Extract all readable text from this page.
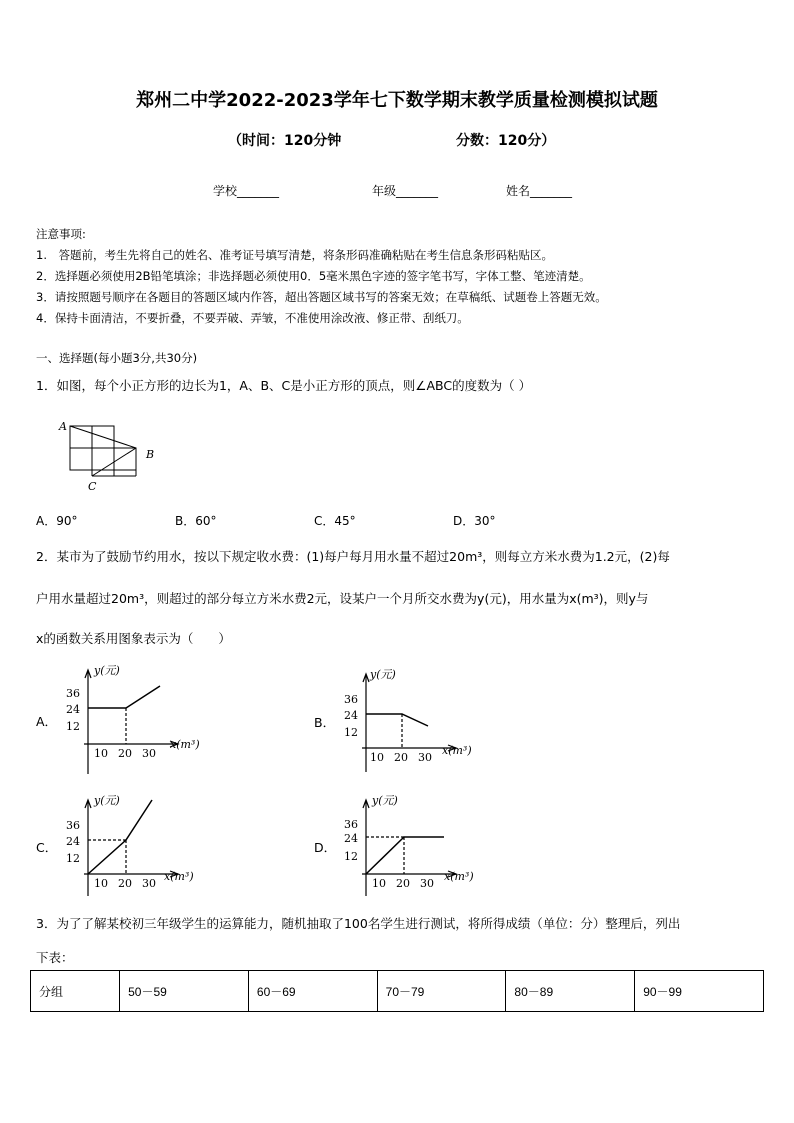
郑州二中学2022-2023学年七下数学期末教学质量检测模拟试题
（时间：120分钟	分数：120分）
学校_______	年级_______	姓名_______
注意事项:
1.　答题前，考生先将自己的姓名、准考证号填写清楚，将条形码准确粘贴在考生信息条形码粘贴区。
2．选择题必须使用2B铅笔填涂；非选择题必须使用0．5毫米黑色字迹的签字笔书写，字体工整、笔迹清楚。
3．请按照题号顺序在各题目的答题区域内作答，超出答题区域书写的答案无效；在草稿纸、试题卷上答题无效。
4．保持卡面清洁，不要折叠，不要弄破、弄皱，不准使用涂改液、修正带、刮纸刀。
一、选择题(每小题3分,共30分)
1．如图，每个小正方形的边长为1，A、B、C是小正方形的顶点，则∠ABC的度数为（ ）
A
B
C
A．90°	B．60°	C．45°	D．30°
2．某市为了鼓励节约用水，按以下规定收水费：(1)每户每月用水量不超过20m³，则每立方米水费为1.2元，(2)每
户用水量超过20m³，则超过的部分每立方米水费2元，设某户一个月所交水费为y(元)，用水量为x(m³)，则y与
x的函数关系用图象表示为（　　）
A．
36
24
12
10 20 30
y(元)
x(m³)
B．
36
24
12
10 20 30
y(元)
x(m³)
C．
36
24
12
10 20 30
y(元)
x(m³)
D．
36
24
12
10 20 30
y(元)
x(m³)
3．为了了解某校初三年级学生的运算能力，随机抽取了100名学生进行测试，将所得成绩（单位：分）整理后，列出
下表：
分组	50－59	60－69	70－79	80－89	90－99
